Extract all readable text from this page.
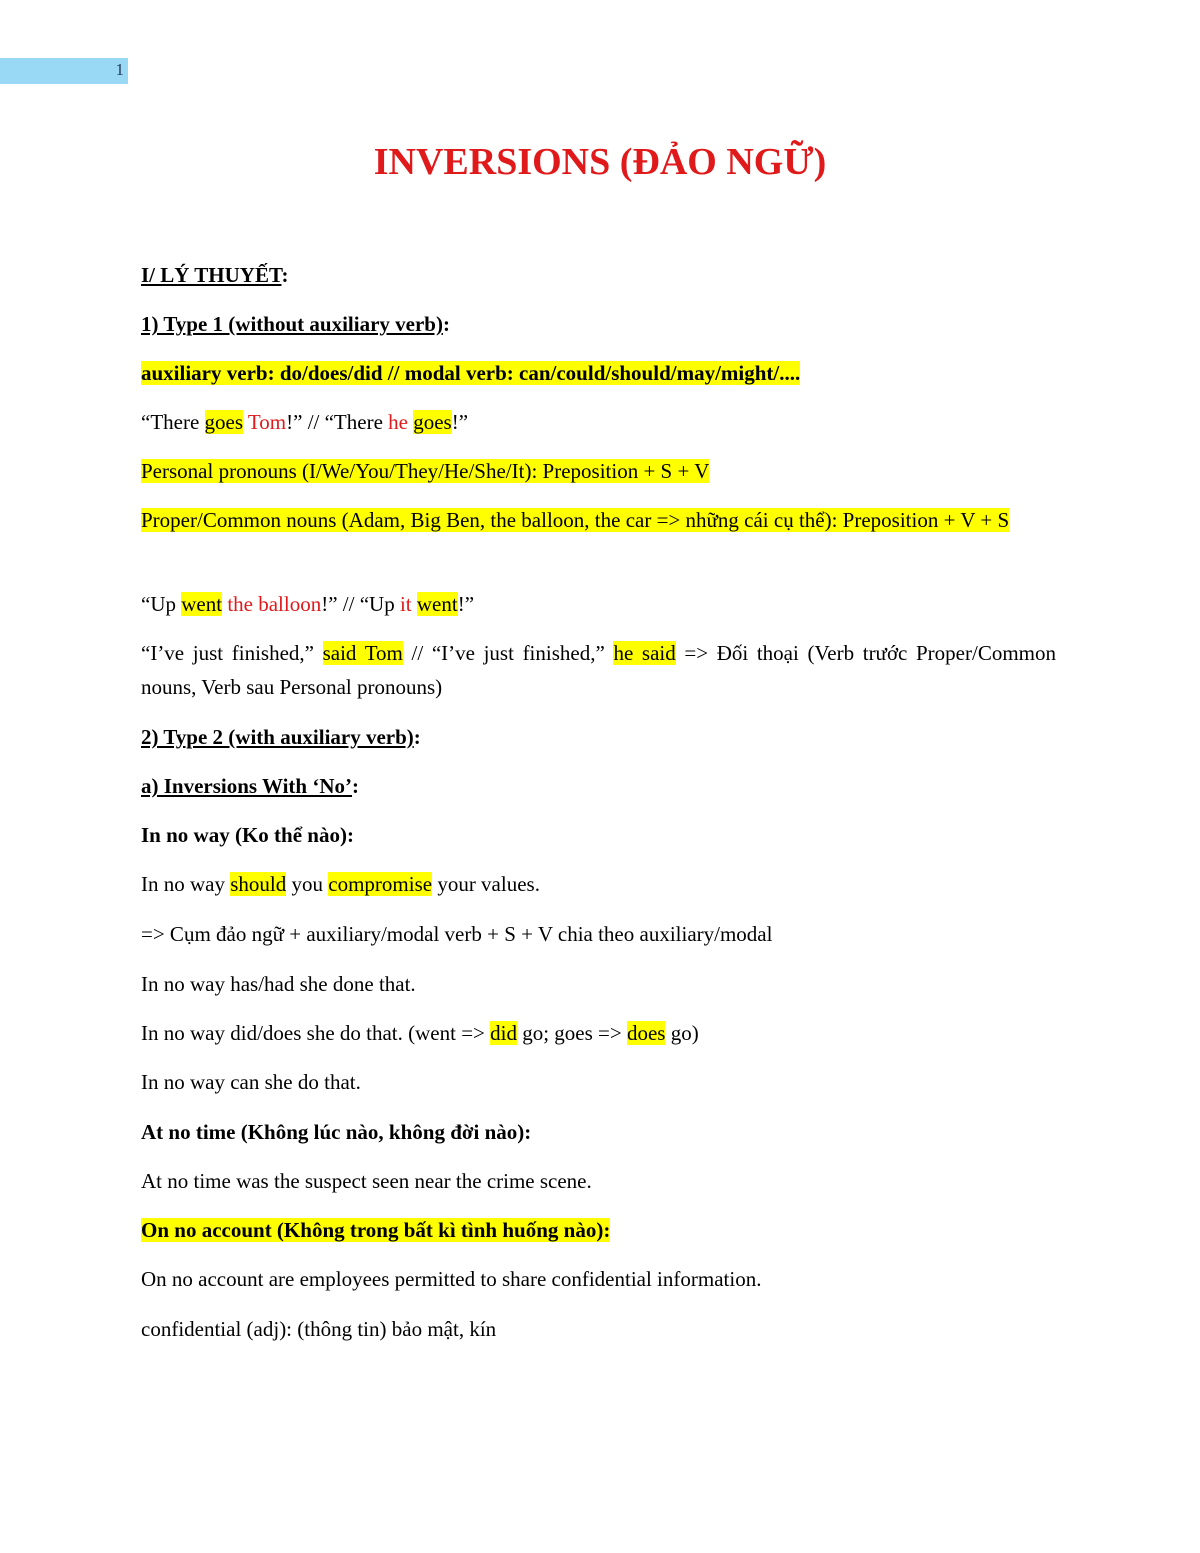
1
INVERSIONS (ĐẢO NGỮ)
I/ LÝ THUYẾT:
1) Type 1 (without auxiliary verb):
auxiliary verb: do/does/did // modal verb: can/could/should/may/might/....
“There goes Tom!” // “There he goes!”
Personal pronouns (I/We/You/They/He/She/It): Preposition + S + V
Proper/Common nouns (Adam, Big Ben, the balloon, the car => những cái cụ thể): Preposition + V + S
“Up went the balloon!” // “Up it went!”
“I’ve just finished,” said Tom // “I’ve just finished,” he said => Đối thoại (Verb trước Proper/Common nouns, Verb sau Personal pronouns)
2) Type 2 (with auxiliary verb):
a) Inversions With ‘No’:
In no way (Ko thể nào):
In no way should you compromise your values.
=> Cụm đảo ngữ + auxiliary/modal verb + S + V chia theo auxiliary/modal
In no way has/had she done that.
In no way did/does she do that. (went => did go; goes => does go)
In no way can she do that.
At no time (Không lúc nào, không đời nào):
At no time was the suspect seen near the crime scene.
On no account (Không trong bất kì tình huống nào):
On no account are employees permitted to share confidential information.
confidential (adj): (thông tin) bảo mật, kín
